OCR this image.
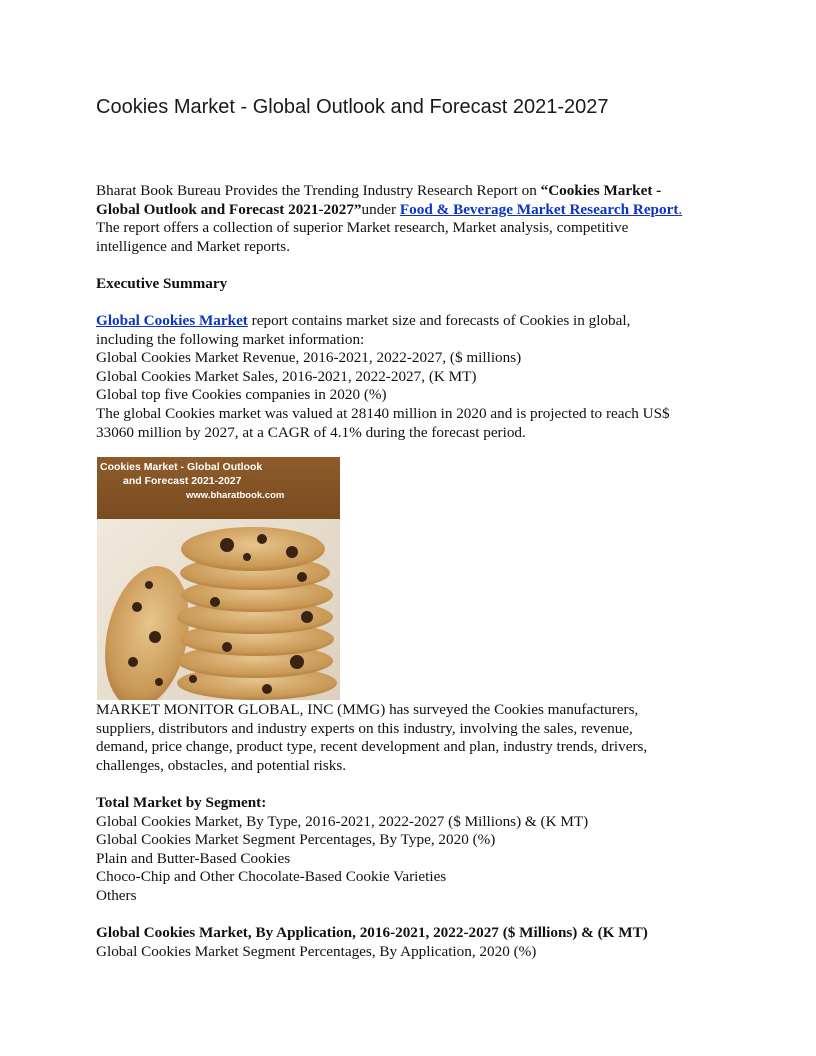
Cookies Market - Global Outlook and Forecast 2021-2027

Bharat Book Bureau Provides the Trending Industry Research Report on “Cookies Market -

Global Outlook and Forecast 2021-2027”under Food & Beverage Market Research Report.

The report offers a collection of superior Market research, Market analysis, competitive

intelligence and Market reports.

Executive Summary

Global Cookies Market report contains market size and forecasts of Cookies in global,

including the following market information:

Global Cookies Market Revenue, 2016-2021, 2022-2027, ($ millions)

Global Cookies Market Sales, 2016-2021, 2022-2027, (K MT)

Global top five Cookies companies in 2020 (%)

The global Cookies market was valued at 28140 million in 2020 and is projected to reach US$

33060 million by 2027, at a CAGR of 4.1% during the forecast period.

Cookies Market - Global Outlook
and Forecast 2021-2027
www.bharatbook.com

MARKET MONITOR GLOBAL, INC (MMG) has surveyed the Cookies manufacturers,

suppliers, distributors and industry experts on this industry, involving the sales, revenue,

demand, price change, product type, recent development and plan, industry trends, drivers,

challenges, obstacles, and potential risks.

Total Market by Segment:

Global Cookies Market, By Type, 2016-2021, 2022-2027 ($ Millions) & (K MT)

Global Cookies Market Segment Percentages, By Type, 2020 (%)

Plain and Butter-Based Cookies

Choco-Chip and Other Chocolate-Based Cookie Varieties

Others

Global Cookies Market, By Application, 2016-2021, 2022-2027 ($ Millions) & (K MT)

Global Cookies Market Segment Percentages, By Application, 2020 (%)
